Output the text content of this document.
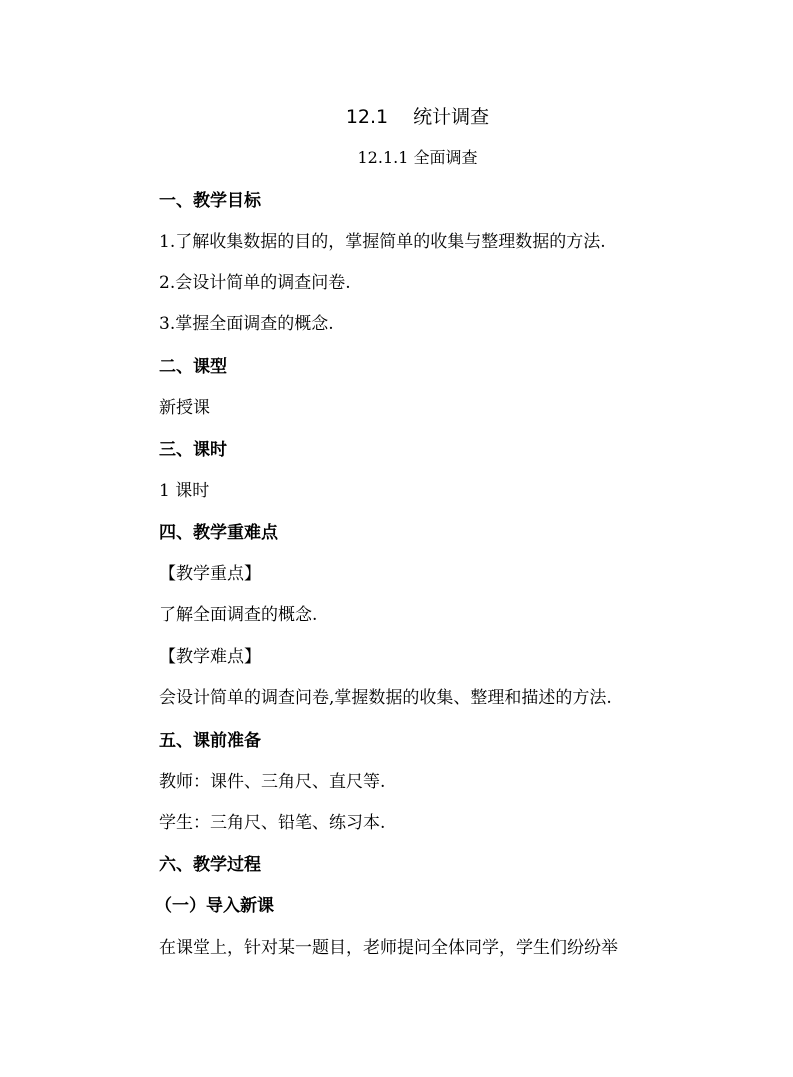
12.1　 统计调查
12.1.1 全面调查
一、教学目标
1.了解收集数据的目的，掌握简单的收集与整理数据的方法.
2.会设计简单的调查问卷.
3.掌握全面调查的概念.
二、课型
新授课
三、课时
1 课时
四、教学重难点
【教学重点】
了解全面调查的概念.
【教学难点】
会设计简单的调查问卷,掌握数据的收集、整理和描述的方法.
五、课前准备
教师：课件、三角尺、直尺等.
学生：三角尺、铅笔、练习本.
六、教学过程
（一）导入新课
在课堂上，针对某一题目，老师提问全体同学，学生们纷纷举
